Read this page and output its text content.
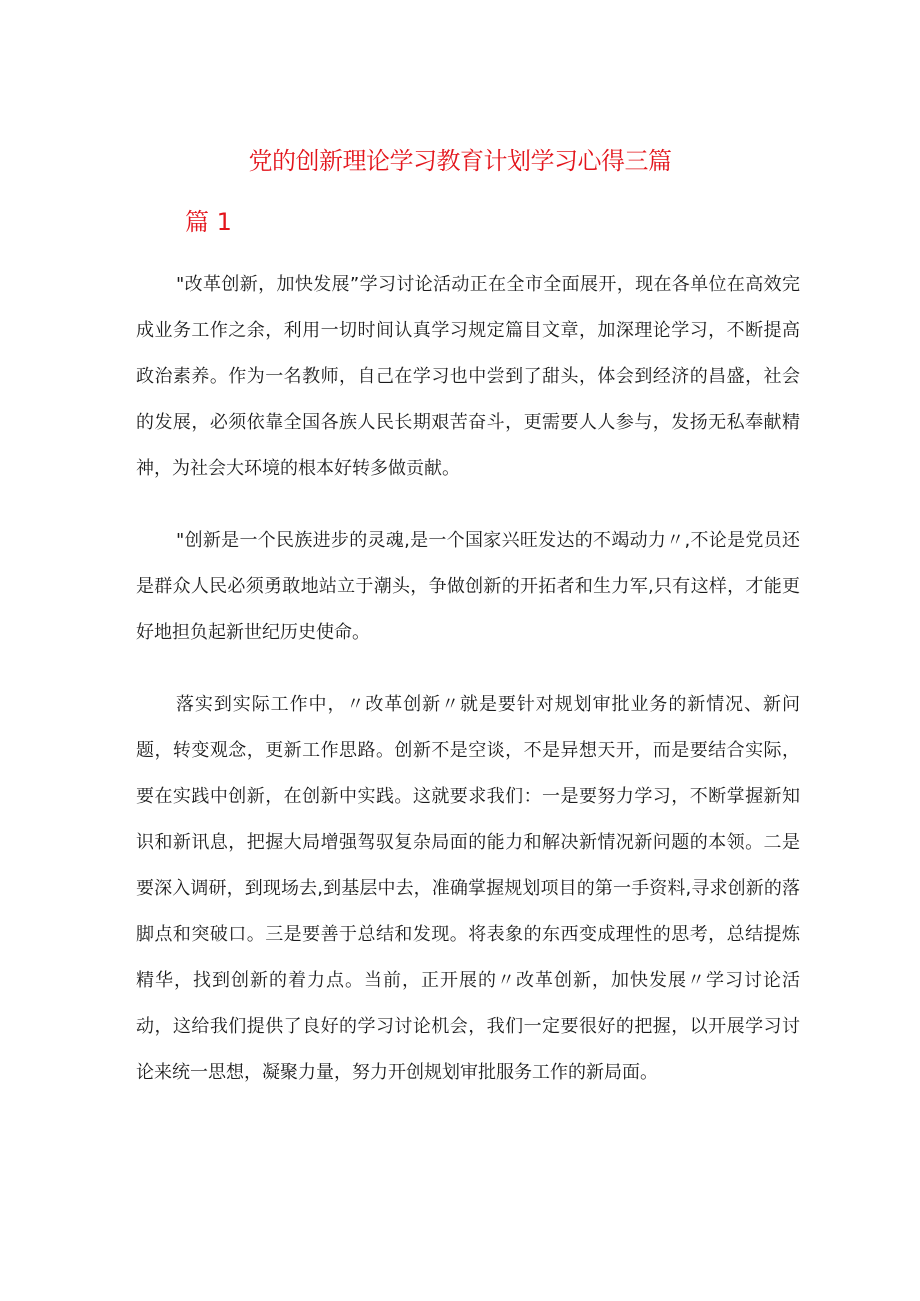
党的创新理论学习教育计划学习心得三篇
篇 1

"改革创新，加快发展”学习讨论活动正在全市全面展开，现在各单位在高效完成业务工作之余，利用一切时间认真学习规定篇目文章，加深理论学习，不断提高政治素养。作为一名教师，自己在学习也中尝到了甜头，体会到经济的昌盛，社会的发展，必须依靠全国各族人民长期艰苦奋斗，更需要人人参与，发扬无私奉献精神，为社会大环境的根本好转多做贡献。

"创新是一个民族进步的灵魂,是一个国家兴旺发达的不竭动力〃,不论是党员还是群众人民必须勇敢地站立于潮头，争做创新的开拓者和生力军,只有这样，才能更好地担负起新世纪历史使命。

落实到实际工作中，〃改革创新〃就是要针对规划审批业务的新情况、新问题，转变观念，更新工作思路。创新不是空谈，不是异想天开，而是要结合实际，要在实践中创新，在创新中实践。这就要求我们：一是要努力学习，不断掌握新知识和新讯息，把握大局增强驾驭复杂局面的能力和解决新情况新问题的本领。二是要深入调研，到现场去,到基层中去，准确掌握规划项目的第一手资料,寻求创新的落脚点和突破口。三是要善于总结和发现。将表象的东西变成理性的思考，总结提炼精华，找到创新的着力点。当前，正开展的〃改革创新，加快发展〃学习讨论活动，这给我们提供了良好的学习讨论机会，我们一定要很好的把握，以开展学习讨论来统一思想，凝聚力量，努力开创规划审批服务工作的新局面。
